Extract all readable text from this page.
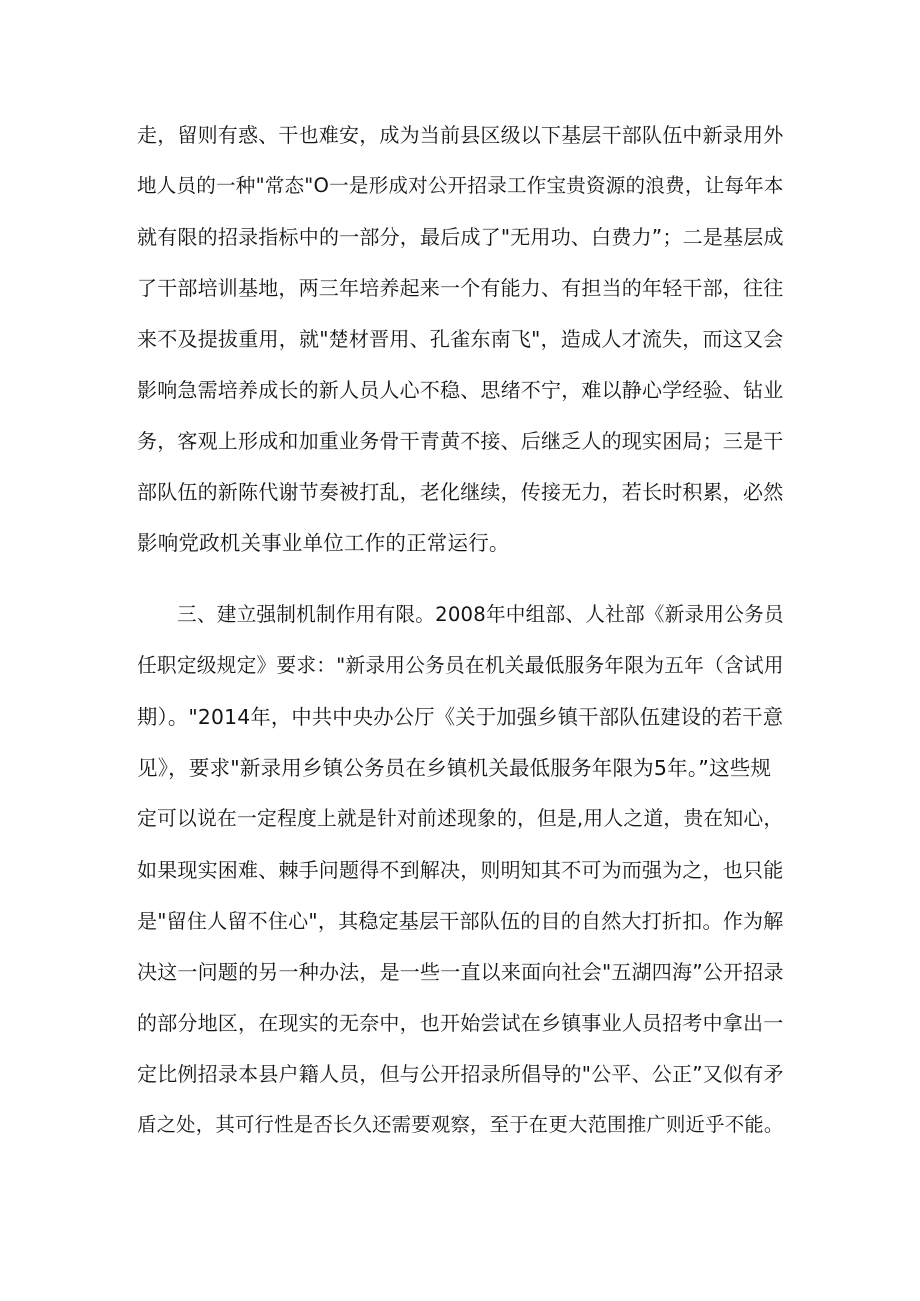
走，留则有惑、干也难安，成为当前县区级以下基层干部队伍中新录用外
地人员的一种"常态"O一是形成对公开招录工作宝贵资源的浪费，让每年本
就有限的招录指标中的一部分，最后成了"无用功、白费力”；二是基层成
了干部培训基地，两三年培养起来一个有能力、有担当的年轻干部，往往
来不及提拔重用，就"楚材晋用、孔雀东南飞"，造成人才流失，而这又会
影响急需培养成长的新人员人心不稳、思绪不宁，难以静心学经验、钻业
务，客观上形成和加重业务骨干青黄不接、后继乏人的现实困局；三是干
部队伍的新陈代谢节奏被打乱，老化继续，传接无力，若长时积累，必然
影响党政机关事业单位工作的正常运行。
三、建立强制机制作用有限。2008年中组部、人社部《新录用公务员
任职定级规定》要求："新录用公务员在机关最低服务年限为五年（含试用
期）。"2014年，中共中央办公厅《关于加强乡镇干部队伍建设的若干意
见》，要求"新录用乡镇公务员在乡镇机关最低服务年限为5年。”这些规
定可以说在一定程度上就是针对前述现象的，但是,用人之道，贵在知心，
如果现实困难、棘手问题得不到解决，则明知其不可为而强为之，也只能
是"留住人留不住心"，其稳定基层干部队伍的目的自然大打折扣。作为解
决这一问题的另一种办法，是一些一直以来面向社会"五湖四海”公开招录
的部分地区，在现实的无奈中，也开始尝试在乡镇事业人员招考中拿出一
定比例招录本县户籍人员，但与公开招录所倡导的"公平、公正”又似有矛
盾之处，其可行性是否长久还需要观察，至于在更大范围推广则近乎不能。
